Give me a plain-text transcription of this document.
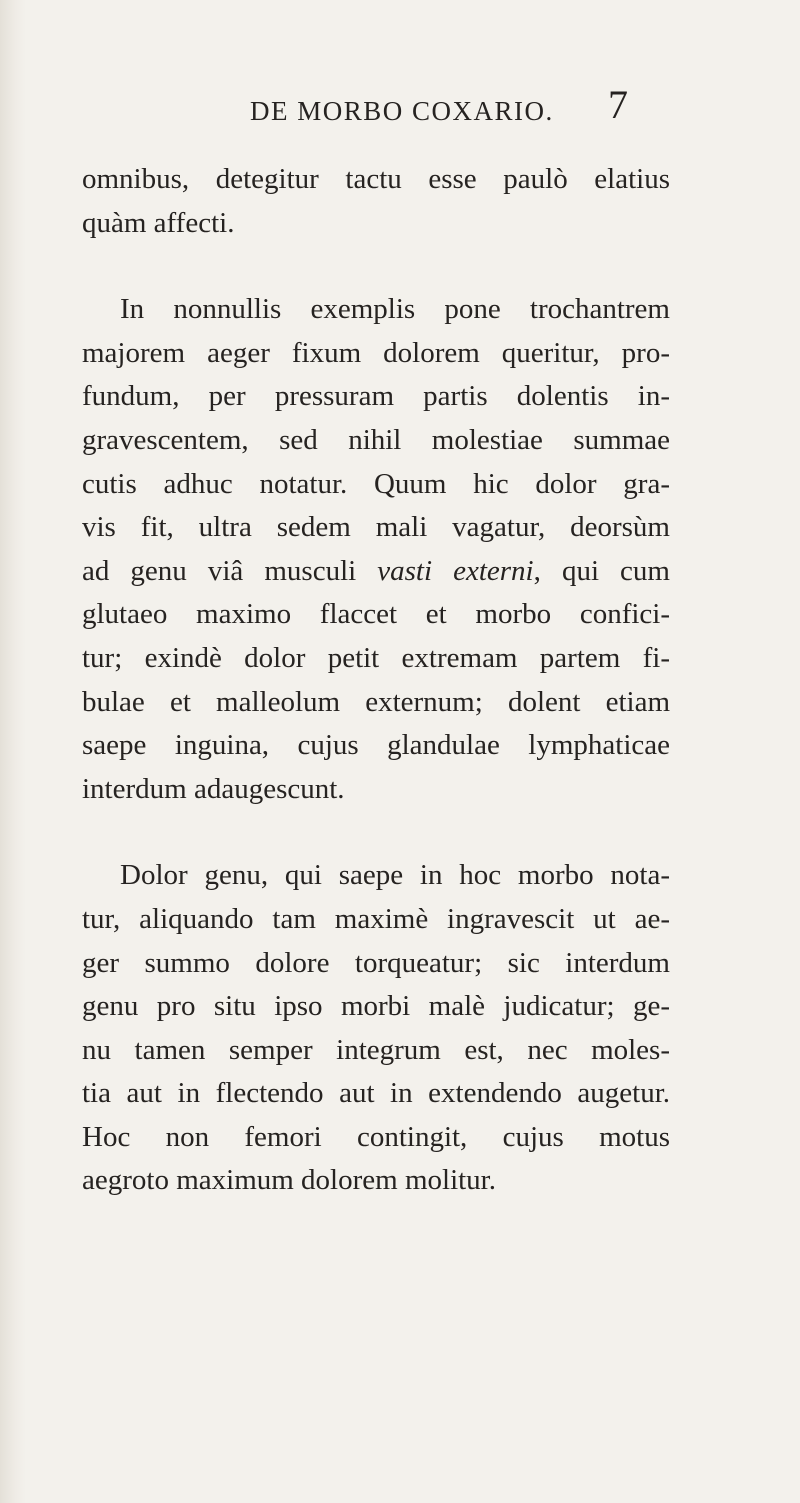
DE MORBO COXARIO. 7

omnibus, detegitur tactu esse paulò elatius
quàm affecti.

In nonnullis exemplis pone trochantrem
majorem aeger fixum dolorem queritur, pro-
fundum, per pressuram partis dolentis in-
gravescentem, sed nihil molestiae summae
cutis adhuc notatur. Quum hic dolor gra-
vis fit, ultra sedem mali vagatur, deorsùm
ad genu viâ musculi vasti externi, qui cum
glutaeo maximo flaccet et morbo confici-
tur; exindè dolor petit extremam partem fi-
bulae et malleolum externum; dolent etiam
saepe inguina, cujus glandulae lymphaticae
interdum adaugescunt.

Dolor genu, qui saepe in hoc morbo nota-
tur, aliquando tam maximè ingravescit ut ae-
ger summo dolore torqueatur; sic interdum
genu pro situ ipso morbi malè judicatur; ge-
nu tamen semper integrum est, nec moles-
tia aut in flectendo aut in extendendo augetur.
Hoc non femori contingit, cujus motus
aegroto maximum dolorem molitur.
